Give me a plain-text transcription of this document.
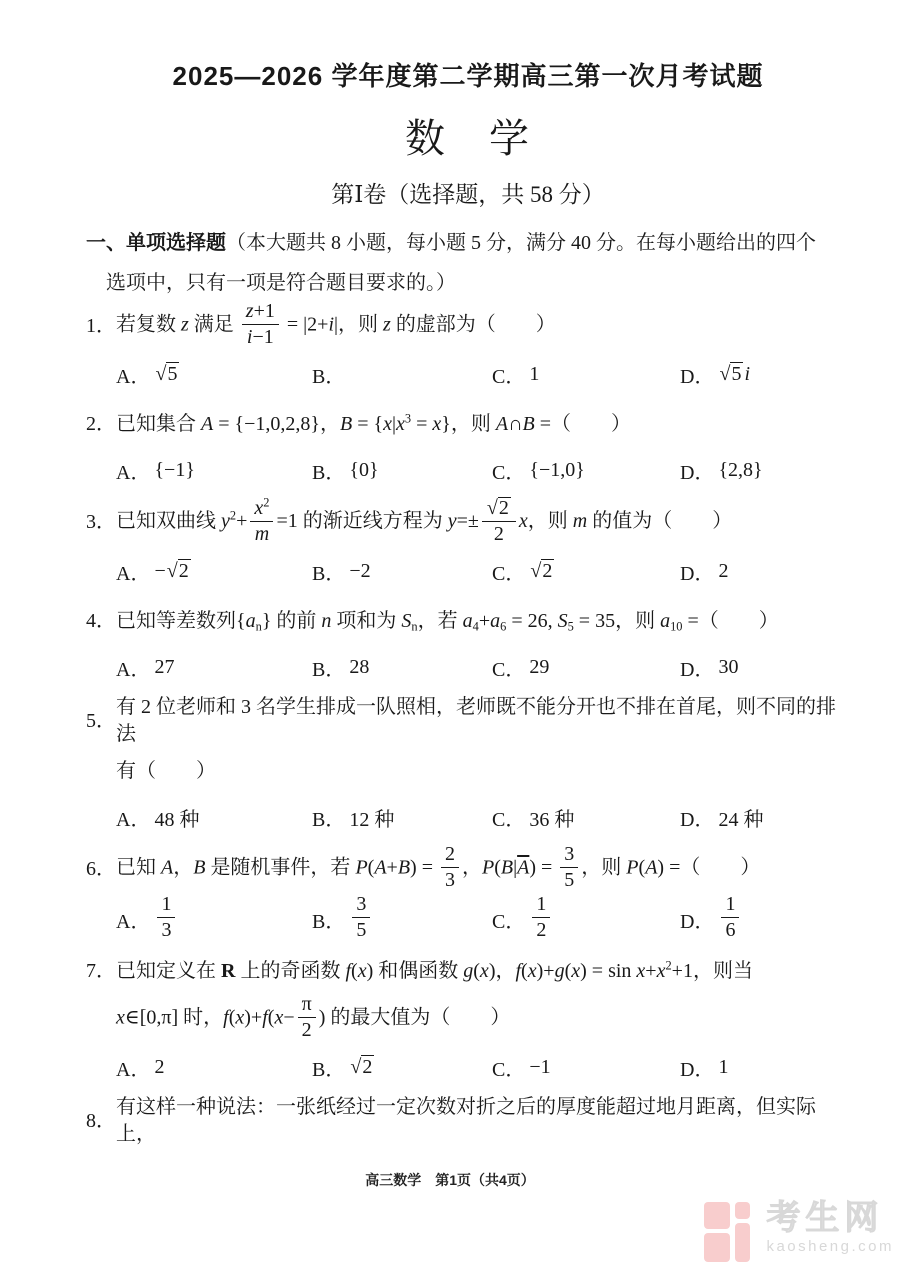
2025—2026 学年度第二学期高三第一次月考试题
数　学
第Ⅰ卷（选择题，共 58 分）
一、单项选择题（本大题共 8 小题，每小题 5 分，满分 40 分。在每小题给出的四个
选项中，只有一项是符合题目要求的。）
1． 若复数 z 满足 $\frac{z+1}{i-1} = |2+i|$，则 z 的虚部为（　　）
A． √5	B．	C． 1	D． √5 i
2． 已知集合 A = {−1,0,2,8}，$B = \{x|x^3 = x\}$，则 A∩B =（　　）
A． {−1}	B． {0}	C． {−1,0}	D． {2,8}
3． 已知双曲线 $y^2+ \frac{x^2}{m} =1$ 的渐近线方程为 $y=\pm \frac{√2}{2}$ x，则 m 的值为（　　）
A． −√2	B． −2	C． √2	D． 2
4． 已知等差数列$\{a_n\}$ 的前 n 项和为 $S_n$，若 $a_4+a_6 = 26$, $S_5 = 35$，则 $a_{10}$ =（　　）
A． 27	B． 28	C． 29	D． 30
5．
有 2 位老师和 3 名学生排成一队照相，老师既不能分开也不排在首尾，则不同的排法
有（　　）
A． 48 种	B． 12 种	C． 36 种	D． 24 种
6． 已知 A，B 是随机事件，若 $P(A+B) = \frac{2}{3}$ ，$P(B|\overline{A}) = \frac{3}{5}$ ，则 P(A) =（　　）
A． $\frac{1}{3}$	B． $\frac{3}{5}$	C． $\frac{1}{2}$	D． $\frac{1}{6}$
7． 已知定义在 R 上的奇函数 f(x) 和偶函数 g(x)，$f(x)+g(x) = \sin x+x^2+1$，则当
x∈[0,π] 时，$f(x)+f(x- \frac{\pi}{2}$ ) 的最大值为（　　）
A． 2	B． √2	C． −1	D． 1
8．
有这样一种说法：一张纸经过一定次数对折之后的厚度能超过地月距离，但实际上，
高三数学　第1页（共4页）
考生网
kaosheng.com
